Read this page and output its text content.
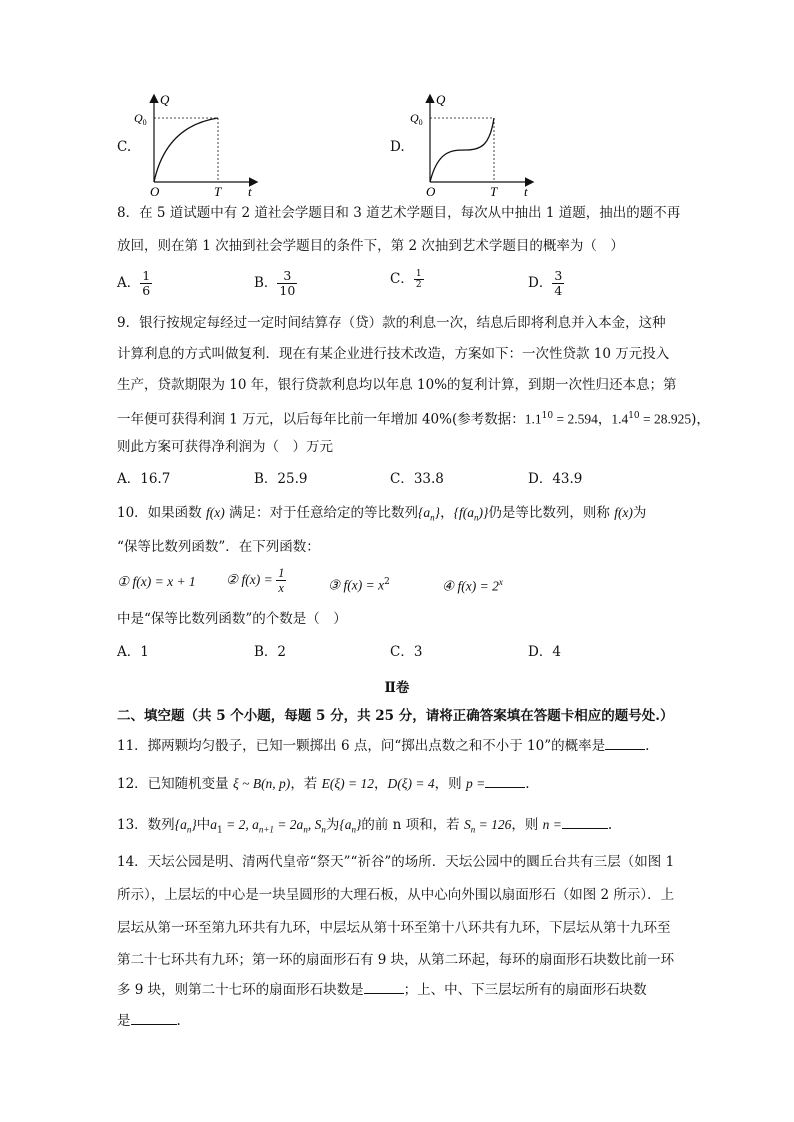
C.
Q
t
O	T
$Q_0$
D.
Q
t
O	T
$Q_0$
8．在 5 道试题中有 2 道社会学题目和 3 道艺术学题目，每次从中抽出 1 道题，抽出的题不再
放回，则在第 1 次抽到社会学题目的条件下，第 2 次抽到艺术学题目的概率为（　）
A． $\frac{1}{6}$	B． $\frac{3}{10}$	C． $\frac{1}{2}$	D． $\frac{3}{4}$
9．银行按规定每经过一定时间结算存（贷）款的利息一次，结息后即将利息并入本金，这种
计算利息的方式叫做复利．现在有某企业进行技术改造，方案如下：一次性贷款 10 万元投入
生产，贷款期限为 10 年，银行贷款利息均以年息 10%的复利计算，到期一次性归还本息；第
一年便可获得利润 1 万元，以后每年比前一年增加 40%(参考数据：$1.1^{10} = 2.594$，$1.4^{10} = 28.925$)，
则此方案可获得净利润为（　）万元
A．16.7	B．25.9	C．33.8	D．43.9
10．如果函数 f(x) 满足：对于任意给定的等比数列$\{a_n\}$，$\{f(a_n)\}$仍是等比数列，则称 f(x)为
“保等比数列函数”．在下列函数：
① f(x) = x + 1 ② $f(x) = \frac{1}{x}$	③ $f(x) = x^2$	④ $f(x) = 2^x$
中是“保等比数列函数”的个数是（　）
A．1	B．2	C．3	D．4
Ⅱ卷
二、填空题（共 5 个小题，每题 5 分，共 25 分，请将正确答案填在答题卡相应的题号处.）
11．掷两颗均匀骰子，已知一颗掷出 6 点，问“掷出点数之和不小于 10”的概率是	.
12．已知随机变量 ξ ~ B(n, p)，若 E(ξ) = 12，D(ξ) = 4，则 p =	.
13．数列$\{a_n\}$中$a_1 = 2$, $a_{n+1} = 2a_n$, $S_n$为$\{a_n\}$的前 n 项和，若 $S_n = 126$，则 n =	.
14．天坛公园是明、清两代皇帝“祭天”“祈谷”的场所．天坛公园中的圜丘台共有三层（如图 1
所示），上层坛的中心是一块呈圆形的大理石板，从中心向外围以扇面形石（如图 2 所示）．上
层坛从第一环至第九环共有九环，中层坛从第十环至第十八环共有九环，下层坛从第十九环至
第二十七环共有九环；第一环的扇面形石有 9 块，从第二环起，每环的扇面形石块数比前一环
多 9 块，则第二十七环的扇面形石块数是	；上、中、下三层坛所有的扇面形石块数
是	.
